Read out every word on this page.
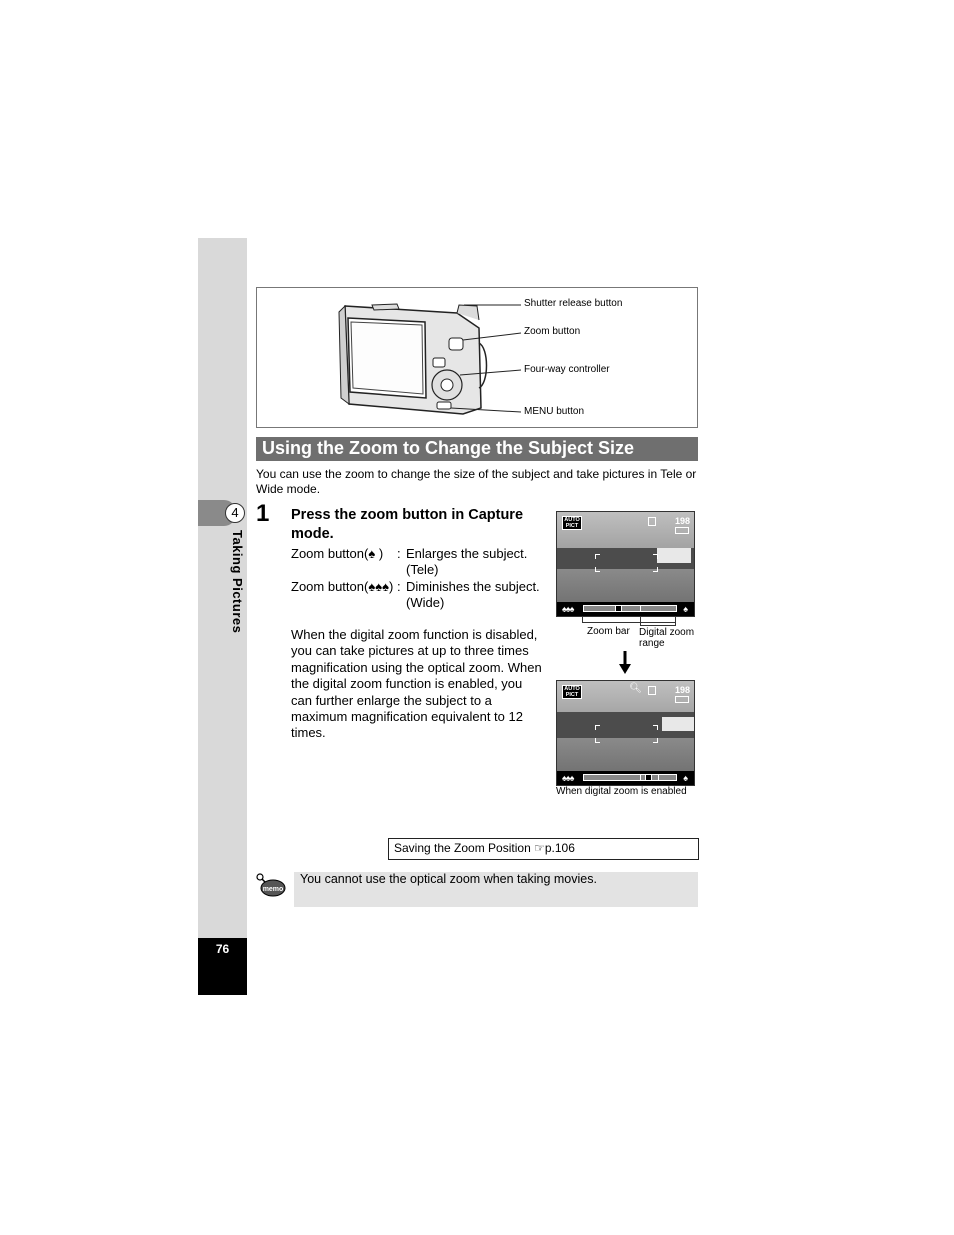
4
Taking Pictures
76
Shutter release button
Zoom button
Four-way controller
MENU button
Using the Zoom to Change the Subject Size
You can use the zoom to change the size of the subject and take pictures in Tele or Wide mode.
1 Press the zoom button in Capture mode.
Zoom button(♠ ) : Enlarges the subject. (Tele)
Zoom button(♠♠♠) : Diminishes the subject. (Wide)
When the digital zoom function is disabled, you can take pictures at up to three times magnification using the optical zoom. When the digital zoom function is enabled, you can further enlarge the subject to a maximum magnification equivalent to 12 times.
AUTO PICT	198
♠♠♠	♠
Zoom bar Digital zoom range
AUTO PICT
🔍︎	198
♠♠♠	♠
When digital zoom is enabled
Saving the Zoom Position ☞p.106
memo
You cannot use the optical zoom when taking movies.
